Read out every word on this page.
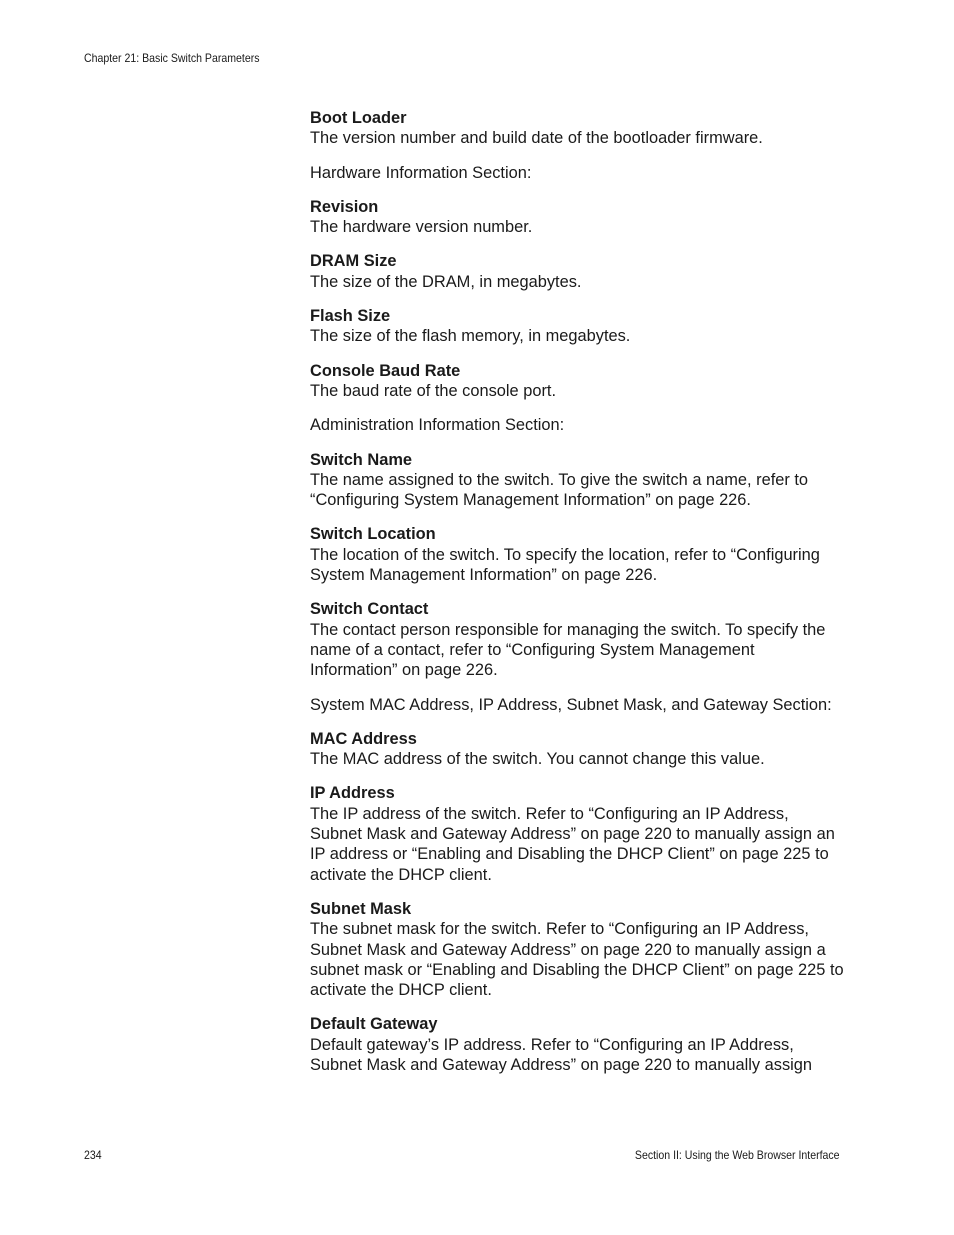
Chapter 21: Basic Switch Parameters
Boot Loader
The version number and build date of the bootloader firmware.
Hardware Information Section:
Revision
The hardware version number.
DRAM Size
The size of the DRAM, in megabytes.
Flash Size
The size of the flash memory, in megabytes.
Console Baud Rate
The baud rate of the console port.
Administration Information Section:
Switch Name
The name assigned to the switch. To give the switch a name, refer to “Configuring System Management Information” on page 226.
Switch Location
The location of the switch. To specify the location, refer to “Configuring System Management Information” on page 226.
Switch Contact
The contact person responsible for managing the switch. To specify the name of a contact, refer to “Configuring System Management Information” on page 226.
System MAC Address, IP Address, Subnet Mask, and Gateway Section:
MAC Address
The MAC address of the switch. You cannot change this value.
IP Address
The IP address of the switch. Refer to “Configuring an IP Address, Subnet Mask and Gateway Address” on page 220 to manually assign an IP address or “Enabling and Disabling the DHCP Client” on page 225 to activate the DHCP client.
Subnet Mask
The subnet mask for the switch. Refer to “Configuring an IP Address, Subnet Mask and Gateway Address” on page 220 to manually assign a subnet mask or “Enabling and Disabling the DHCP Client” on page 225 to activate the DHCP client.
Default Gateway
Default gateway’s IP address. Refer to “Configuring an IP Address, Subnet Mask and Gateway Address” on page 220 to manually assign
234	Section II: Using the Web Browser Interface
